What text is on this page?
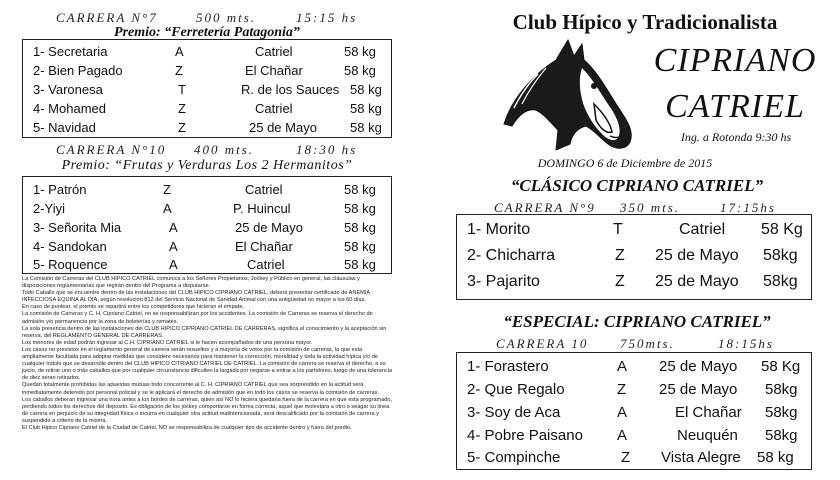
CARRERA N°7	500 mts.	15:15 hs
Premio: “Ferretería Patagonia”
1- Secretaria	A	Catriel	58 kg
2- Bien Pagado	Z	El Chañar	58 kg
3- Varonesa	T	R. de los Sauces 58 kg
4- Mohamed	Z	Catriel	58 kg
5- Navidad	Z	25 de Mayo	58 kg
CARRERA N°10 400 mts.	18:30 hs
Premio: “Frutas y Verduras Los 2 Hermanitos”
1- Patrón	Z	Catriel	58 kg
2-Yiyi	A	P. Huincul	58 kg
3- Señorita Mia	A	25 de Mayo	58 kg
4- Sandokan	A	El Chañar	58 kg
5- Roquence	A	Catriel	58 kg

La Comisión de Carreras del CLUB HIPICO CATRIEL comunica a los Señores Propietarios, Jockey y Público en general, las cláusulas y disposiciones reglamentarias que regirán dentro del Programa a disputarse.

Todo Caballo que se encuentre dentro de las instalaciones del CLUB HIPICO CIPRIANO CATRIEL, deberá presentar certificado de ANEMIA INFECCIOSA EQUINA AL DIA, según resolución 812 del Servicio Nacional de Sanidad Animal con una antigüedad no mayor a los 60 días.

En caso de puntear, el premio se repartirá entre los competidores que hicieran el empate.

La comisión de Carreras y C. H. Cipriano Catriel, no se responsabilizan por los accidentes. La comisión de Carreras se reserva el derecho de admisión y/o permanencia por la zona de boleterías y remates.

La sola presencia dentro de las instalaciones del CLUB HIPICO CIPRIANO CATRIEL DE CARRERAS, significa el conocimiento y la aceptación sin reserva, del REGLAMENTO GENERAL DE CARRERAS.

Los menores de edad podrán ingresar al C.H. CIPRIANO CATRIEL si le hacen acompañados de una persona mayor.

Los casos no previstos en el reglamento general de carrera serán resueltos y a mayoría de votos por la comisión de carreras, la que esta ampliamente facultada para adoptar medidas que considere necesarios para mantener la corrección, moralidad y toda la actividad hípica y/o de cualquier índole que se desarrolle dentro del CLUB HIPICO CITRIANO CATRIEL DE CATRIEL. La comisión de carrera se reserva el derecho, a su juicio, de retirar uno o más caballos que por cualquier circunstancia dificulten la largada por negarse a entrar a los partidores, luego de una tolerancia de diez seran retirados.

Quedan totalmente prohibidas las apuestas mutuas todo concurrente al C. H. CIPRIANO CATRIEL que sea sorprendido en la actitud será inmediatamente detenido por personal policial y se le aplicará el derecho de admisión que en todo los casos se reserva la comisión de carreras.

Los caballos deberan ingresar una hora antes a los bordes de carreras, quien así NO lo hiciera quedaria fuera de la carrera en que esta programado, perdiendo todos los derechos del deposito. Es obligación de los jockey comportarse en forma correcta, aquel que molestara a otro o seagar su linea de carrera en perjuicio de su integridad física o incurra en cualquier otra actitud malintencionada, será descalificado por la comisión de carrera y suspendido a criterio de la misma.

El Club Hipico Cipriano Catriel de la Ciudad de Catriel, NO se responsabiliza de cualquier tipo de accidente dentro y fuera del predio.

Club Hípico y Tradicionalista
CIPRIANO
CATRIEL
Ing. a Rotonda 9:30 hs
DOMINGO 6 de Diciembre de 2015
“CLÁSICO CIPRIANO CATRIEL”
CARRERA N°9 350 mts.	17:15hs
1- Morito	T	Catriel 58 Kg
2- Chicharra	Z 25 de Mayo 58kg
3- Pajarito	Z 25 de Mayo 58kg
“ESPECIAL: CIPRIANO CATRIEL”
CARRERA 10 750mts.	18:15hs
1- Forastero	A 25 de Mayo 58 Kg
2- Que Regalo	Z 25 de Mayo 58kg
3- Soy de Aca	A	El Chañar 58kg
4- Pobre Paisano A	Neuquén 58kg
5- Compinche	Z Vista Alegre 58 kg
